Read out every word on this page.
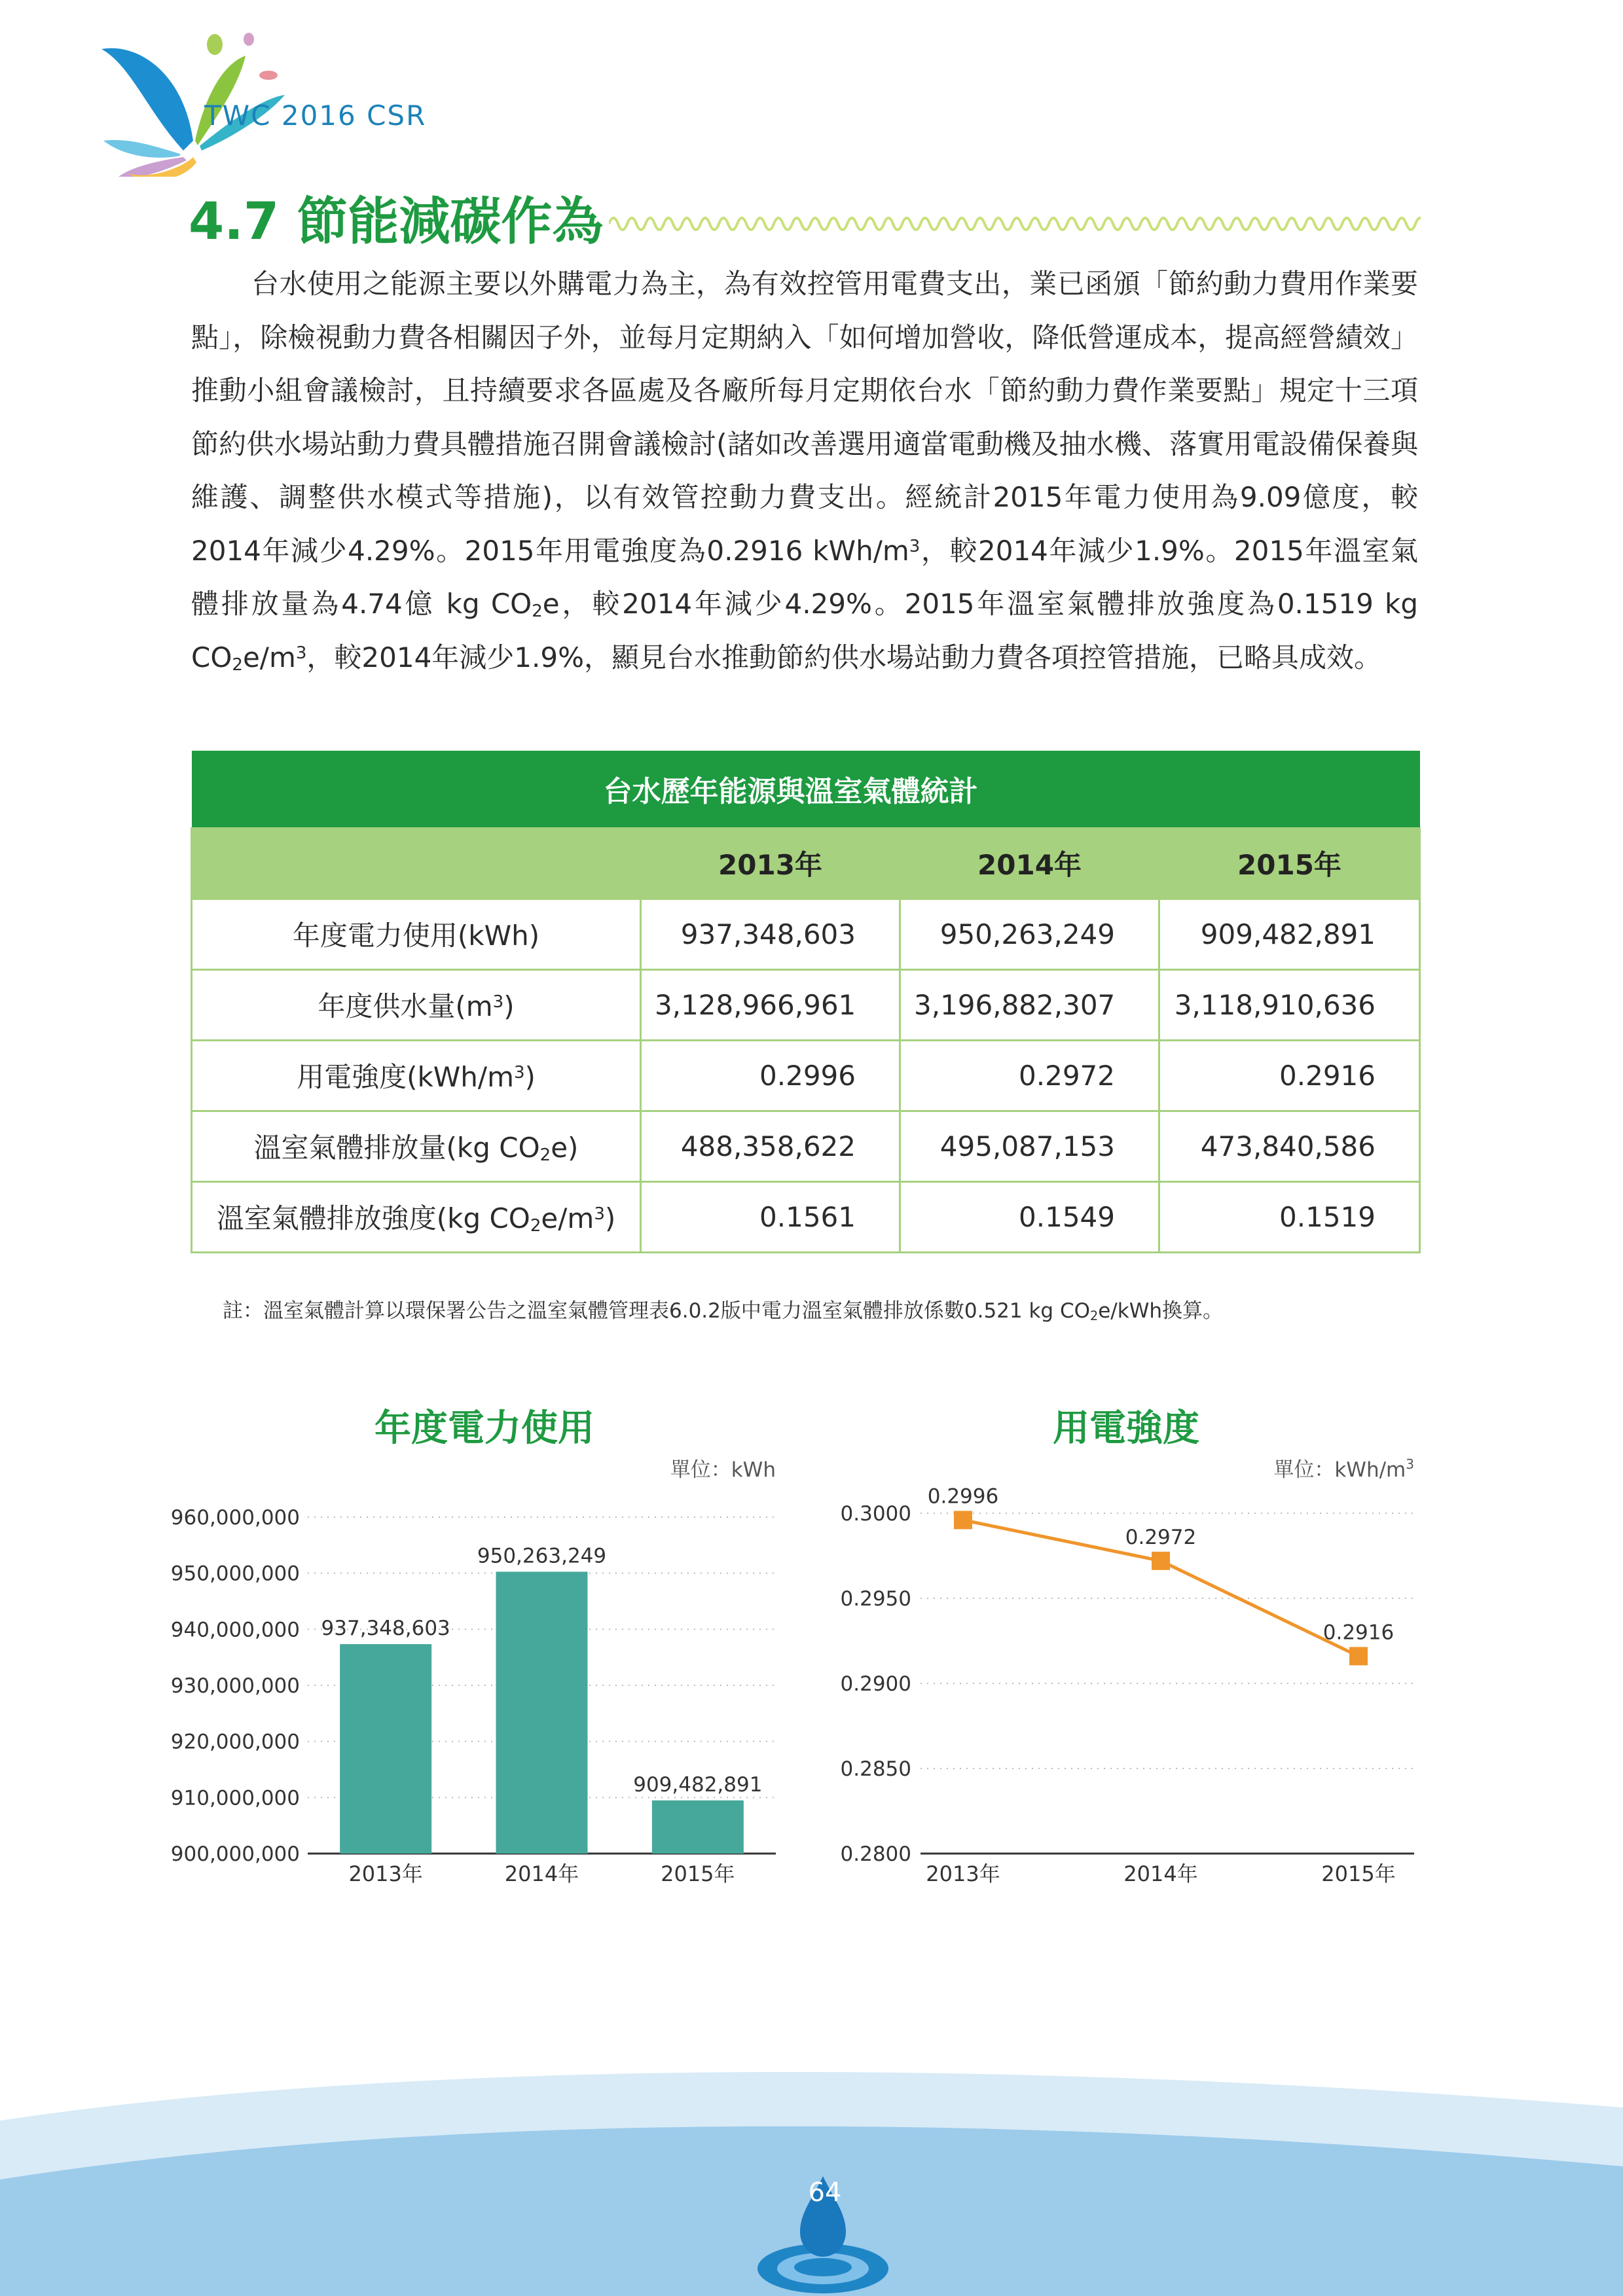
TWC 2016 CSR
4.7 節能減碳作為

台水使用之能源主要以外購電力為主，為有效控管用電費支出，業已函頒「節約動力費用作業要點」，除檢視動力費各相關因子外，並每月定期納入「如何增加營收，降低營運成本，提高經營績效」推動小組會議檢討，且持續要求各區處及各廠所每月定期依台水「節約動力費作業要點」規定十三項節約供水場站動力費具體措施召開會議檢討(諸如改善選用適當電動機及抽水機、落實用電設備保養與維護、調整供水模式等措施)，以有效管控動力費支出。經統計2015年電力使用為9.09億度，較2014年減少4.29%。2015年用電強度為0.2916 kWh/$m^3$，較2014年減少1.9%。2015年溫室氣體排放量為4.74億 kg $CO_2e$，較2014年減少4.29%。2015年溫室氣體排放強度為0.1519 kg $CO_2e/m^3$，較2014年減少1.9%，顯見台水推動節約供水場站動力費各項控管措施，已略具成效。

台水歷年能源與溫室氣體統計			
	2013年	2014年	2015年
年度電力使用(kWh)	937,348,603	950,263,249	909,482,891
年度供水量$(m^3)$	3,128,966,961	3,196,882,307	3,118,910,636
用電強度$(kWh/m^3)$	0.2996	0.2972	0.2916
溫室氣體排放量(kg $CO_2e$)	488,358,622	495,087,153	473,840,586
溫室氣體排放強度(kg $CO_2e/m^3$)	0.1561	0.1549	0.1519
註：溫室氣體計算以環保署公告之溫室氣體管理表6.0.2版中電力溫室氣體排放係數0.521 kg $CO_2e$/kWh換算。
年度電力使用	用電強度
單位：kWh
900,000,000
910,000,000
920,000,000
930,000,000
940,000,000
950,000,000
960,000,000
937,348,603
2013年
950,263,249
2014年
909,482,891
2015年
單位：kWh/$m^3$
0.2800
0.2850
0.2900
0.2950
0.3000
0.2996
2013年
0.2972
2014年
0.2916
2015年
64
